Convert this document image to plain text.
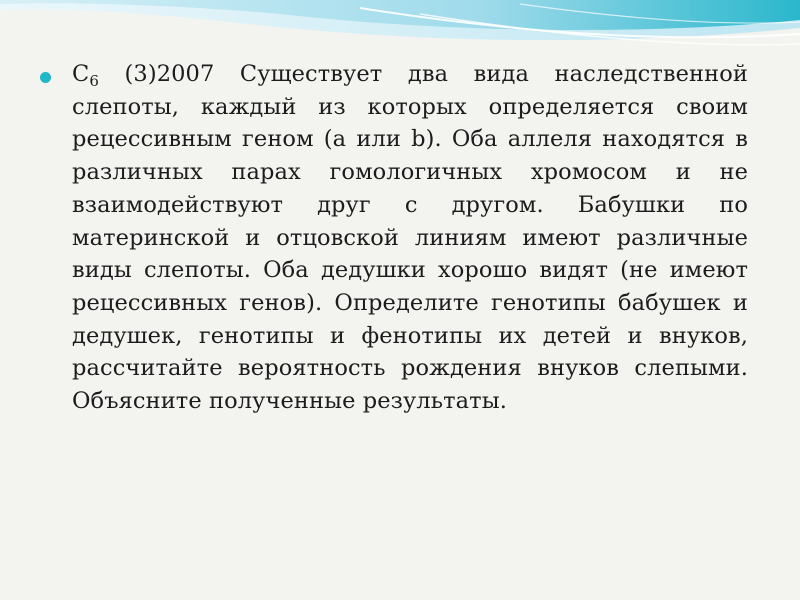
$C_6$ (3)2007 Существует два вида наследственной слепоты, каждый из которых определяется своим рецессивным геном (а или b). Оба аллеля находятся в различных парах гомологичных хромосом и не взаимодействуют друг с другом. Бабушки по материнской и отцовской линиям имеют различные виды слепоты. Оба дедушки хорошо видят (не имеют рецессивных генов). Определите генотипы бабушек и дедушек, генотипы и фенотипы их детей и внуков, рассчитайте вероятность рождения внуков слепыми. Объясните полученные результаты.
